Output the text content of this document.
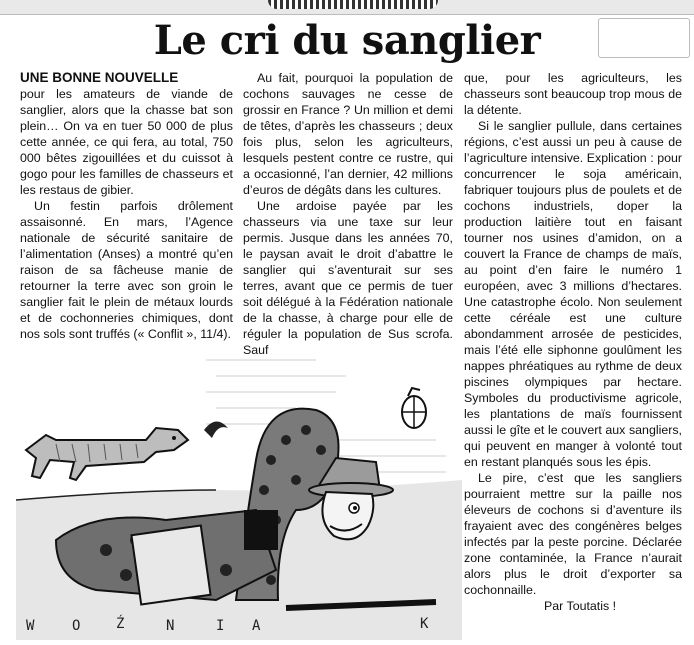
Le cri du sanglier

UNE BONNE NOUVELLE
pour les amateurs de viande de sanglier, alors que la chasse bat son plein… On va en tuer 50 000 de plus cette année, ce qui fera, au total, 750 000 bêtes zigouillées et du cuissot à gogo pour les familles de chasseurs et les restaus de gibier.

Un festin parfois drôlement assaisonné. En mars, l’Agence nationale de sécurité sanitaire de l’alimentation (Anses) a montré qu’en raison de sa fâcheuse manie de retourner la terre avec son groin le sanglier fait le plein de métaux lourds et de cochonneries chimiques, dont nos sols sont truffés (« Conflit », 11/4).

Au fait, pourquoi la population de cochons sauvages ne cesse de grossir en France ? Un million et demi de têtes, d’après les chasseurs ; deux fois plus, selon les agriculteurs, lesquels pestent contre ce rustre, qui a occasionné, l’an dernier, 42 millions d’euros de dégâts dans les cultures.

Une ardoise payée par les chasseurs via une taxe sur leur permis. Jusque dans les années 70, le paysan avait le droit d’abattre le sanglier qui s’aventurait sur ses terres, avant que ce permis de tuer soit délégué à la Fédération nationale de la chasse, à charge pour elle de réguler la population de Sus scrofa. Sauf

que, pour les agriculteurs, les chasseurs sont beaucoup trop mous de la détente.

Si le sanglier pullule, dans certaines régions, c’est aussi un peu à cause de l’agriculture intensive. Explication : pour concurrencer le soja américain, fabriquer toujours plus de poulets et de cochons industriels, doper la production laitière tout en faisant tourner nos usines d’amidon, on a couvert la France de champs de maïs, au point d’en faire le numéro 1 européen, avec 3 millions d’hectares. Une catastrophe écolo. Non seulement cette céréale est une culture abondamment arrosée de pesticides, mais l’été elle siphonne goulûment les nappes phréatiques au rythme de deux piscines olympiques par hectare. Symboles du productivisme agricole, les plantations de maïs fournissent aussi le gîte et le couvert aux sangliers, qui peuvent en manger à volonté tout en restant planqués sous les épis.

Le pire, c’est que les sangliers pourraient mettre sur la paille nos éleveurs de cochons si d’aventure ils frayaient avec des congénères belges infectés par la peste porcine. Déclarée zone contaminée, la France n’aurait alors plus le droit d’exporter sa cochonnaille.

Par Toutatis !

W	O	Ź	N	I A	K
